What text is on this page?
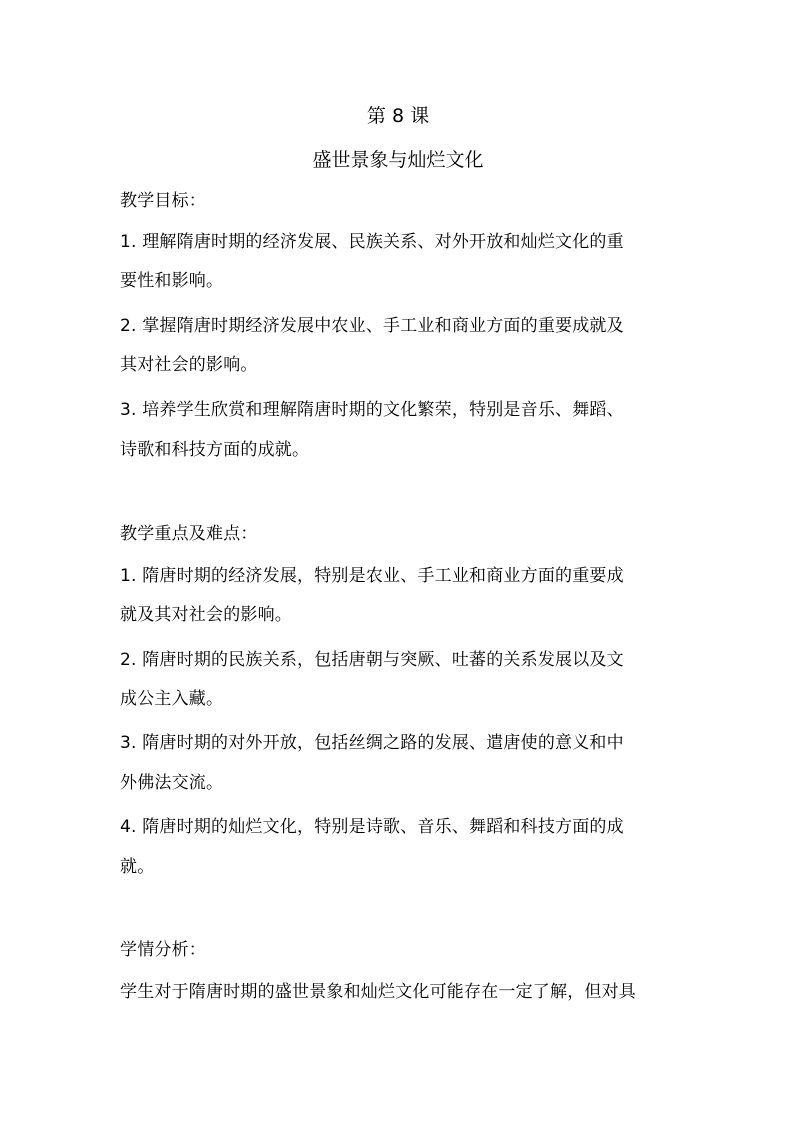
第 8 课
盛世景象与灿烂文化
教学目标：
1. 理解隋唐时期的经济发展、民族关系、对外开放和灿烂文化的重
要性和影响。
2. 掌握隋唐时期经济发展中农业、手工业和商业方面的重要成就及
其对社会的影响。
3. 培养学生欣赏和理解隋唐时期的文化繁荣，特别是音乐、舞蹈、
诗歌和科技方面的成就。
教学重点及难点：
1. 隋唐时期的经济发展，特别是农业、手工业和商业方面的重要成
就及其对社会的影响。
2. 隋唐时期的民族关系，包括唐朝与突厥、吐蕃的关系发展以及文
成公主入藏。
3. 隋唐时期的对外开放，包括丝绸之路的发展、遣唐使的意义和中
外佛法交流。
4. 隋唐时期的灿烂文化，特别是诗歌、音乐、舞蹈和科技方面的成
就。
学情分析：
学生对于隋唐时期的盛世景象和灿烂文化可能存在一定了解，但对具
